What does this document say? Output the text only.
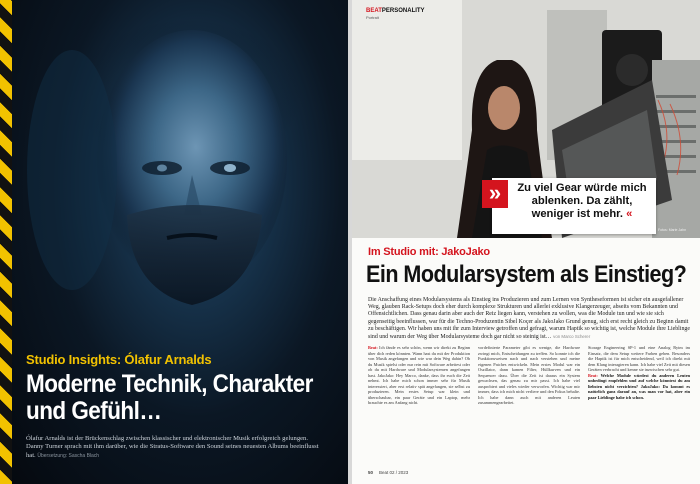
Studio Insights: Ólafur Arnalds
Moderne Technik, Charakter und Gefühl…
Ólafur Arnalds ist der Brückenschlag zwischen klassischer und elektronischer Musik erfolgreich gelungen. Danny Turner sprach mit ihm darüber, wie die Stratus-Software den Sound seines neuesten Albums beeinflusst hat. Übersetzung: Sascha Blach
BEATPERSONALITY
Portrait
»	Zu viel Gear würde mich ablenken. Da zählt, weniger ist mehr. «
Fotos: Marie Jahn
Im Studio mit: JakoJako
Ein Modularsystem als Einstieg?
Die Anschaffung eines Modularsystems als Einstieg ins Produzieren und zum Lernen von Syntheseformen ist sicher ein ausgefallener Weg, glauben Rack-Setups doch eher durch komplexe Strukturen und allerlei exklusive Klangerzeuger, abseits vom Bekannten und Offensichtlichen. Dass genau darin aber auch der Reiz liegen kann, verstehen zu wollen, was die Module tun und wie sie sich gegenseitig beeinflussen, war für die Techno-Produzentin Sibel Koçer als JakoJako Grund genug, sich erst recht gleich zu Beginn damit zu beschäftigen. Wir haben uns mit ihr zum Interview getroffen und gefragt, warum Haptik so wichtig ist, welche Module ihre Lieblinge sind und warum der Weg über Modularsysteme doch gar nicht so steinig ist… von Marco Scherer
Beat: Ich fände es sehr schön, wenn wir direkt zu Beginn über dich reden könnten. Wann hast du mit der Produktion von Musik angefangen und wie war dein Weg dahin? Ob du Musik spielst oder nur rein mit Software arbeitest oder ob du mit Hardware und Modularsystemen angefangen hast. JakoJako: Hey Marco, danke, dass ihr euch die Zeit nehmt. Ich habe mich schon immer sehr für Musik interessiert, aber erst relativ spät angefangen, sie selbst zu produzieren. Mein erstes Setup war klein und überschaubar, ein paar Geräte und ein Laptop, mehr brauchte es am Anfang nicht.
vordefinierte Parameter gibt es wenige, die Hardware zwingt mich, Entscheidungen zu treffen. So konnte ich die Funktionsweisen nach und nach verstehen und meine eigenen Patches entwickeln. Mein erstes Modul war ein Oszillator, dann kamen Filter, Hüllkurven und ein Sequencer dazu. Über die Zeit ist daraus ein System gewachsen, das genau zu mir passt. Ich habe viel ausprobiert und vieles wieder verworfen. Wichtig war mir immer, dass ich mich nicht verliere und den Fokus behalte. Ich habe dann auch mit anderen Leuten zusammengearbeitet.
Storage Engineering SP-1 und eine Analog Rytm im Einsatz, die dem Setup weitere Farben geben. Besonders die Haptik ist für mich entscheidend, weil ich direkt mit dem Klang interagieren kann. Ich habe viel Zeit mit diesen Geräten verbracht und kenne sie inzwischen sehr gut.
Beat: Welche Module würdest du anderen Leuten unbedingt empfehlen und auf welche könntest du am liebsten nicht verzichten? JakoJako: Da kommt es natürlich ganz darauf an, was man vor hat, aber ein paar Lieblinge habe ich schon.
50 Beat 02 / 2023
